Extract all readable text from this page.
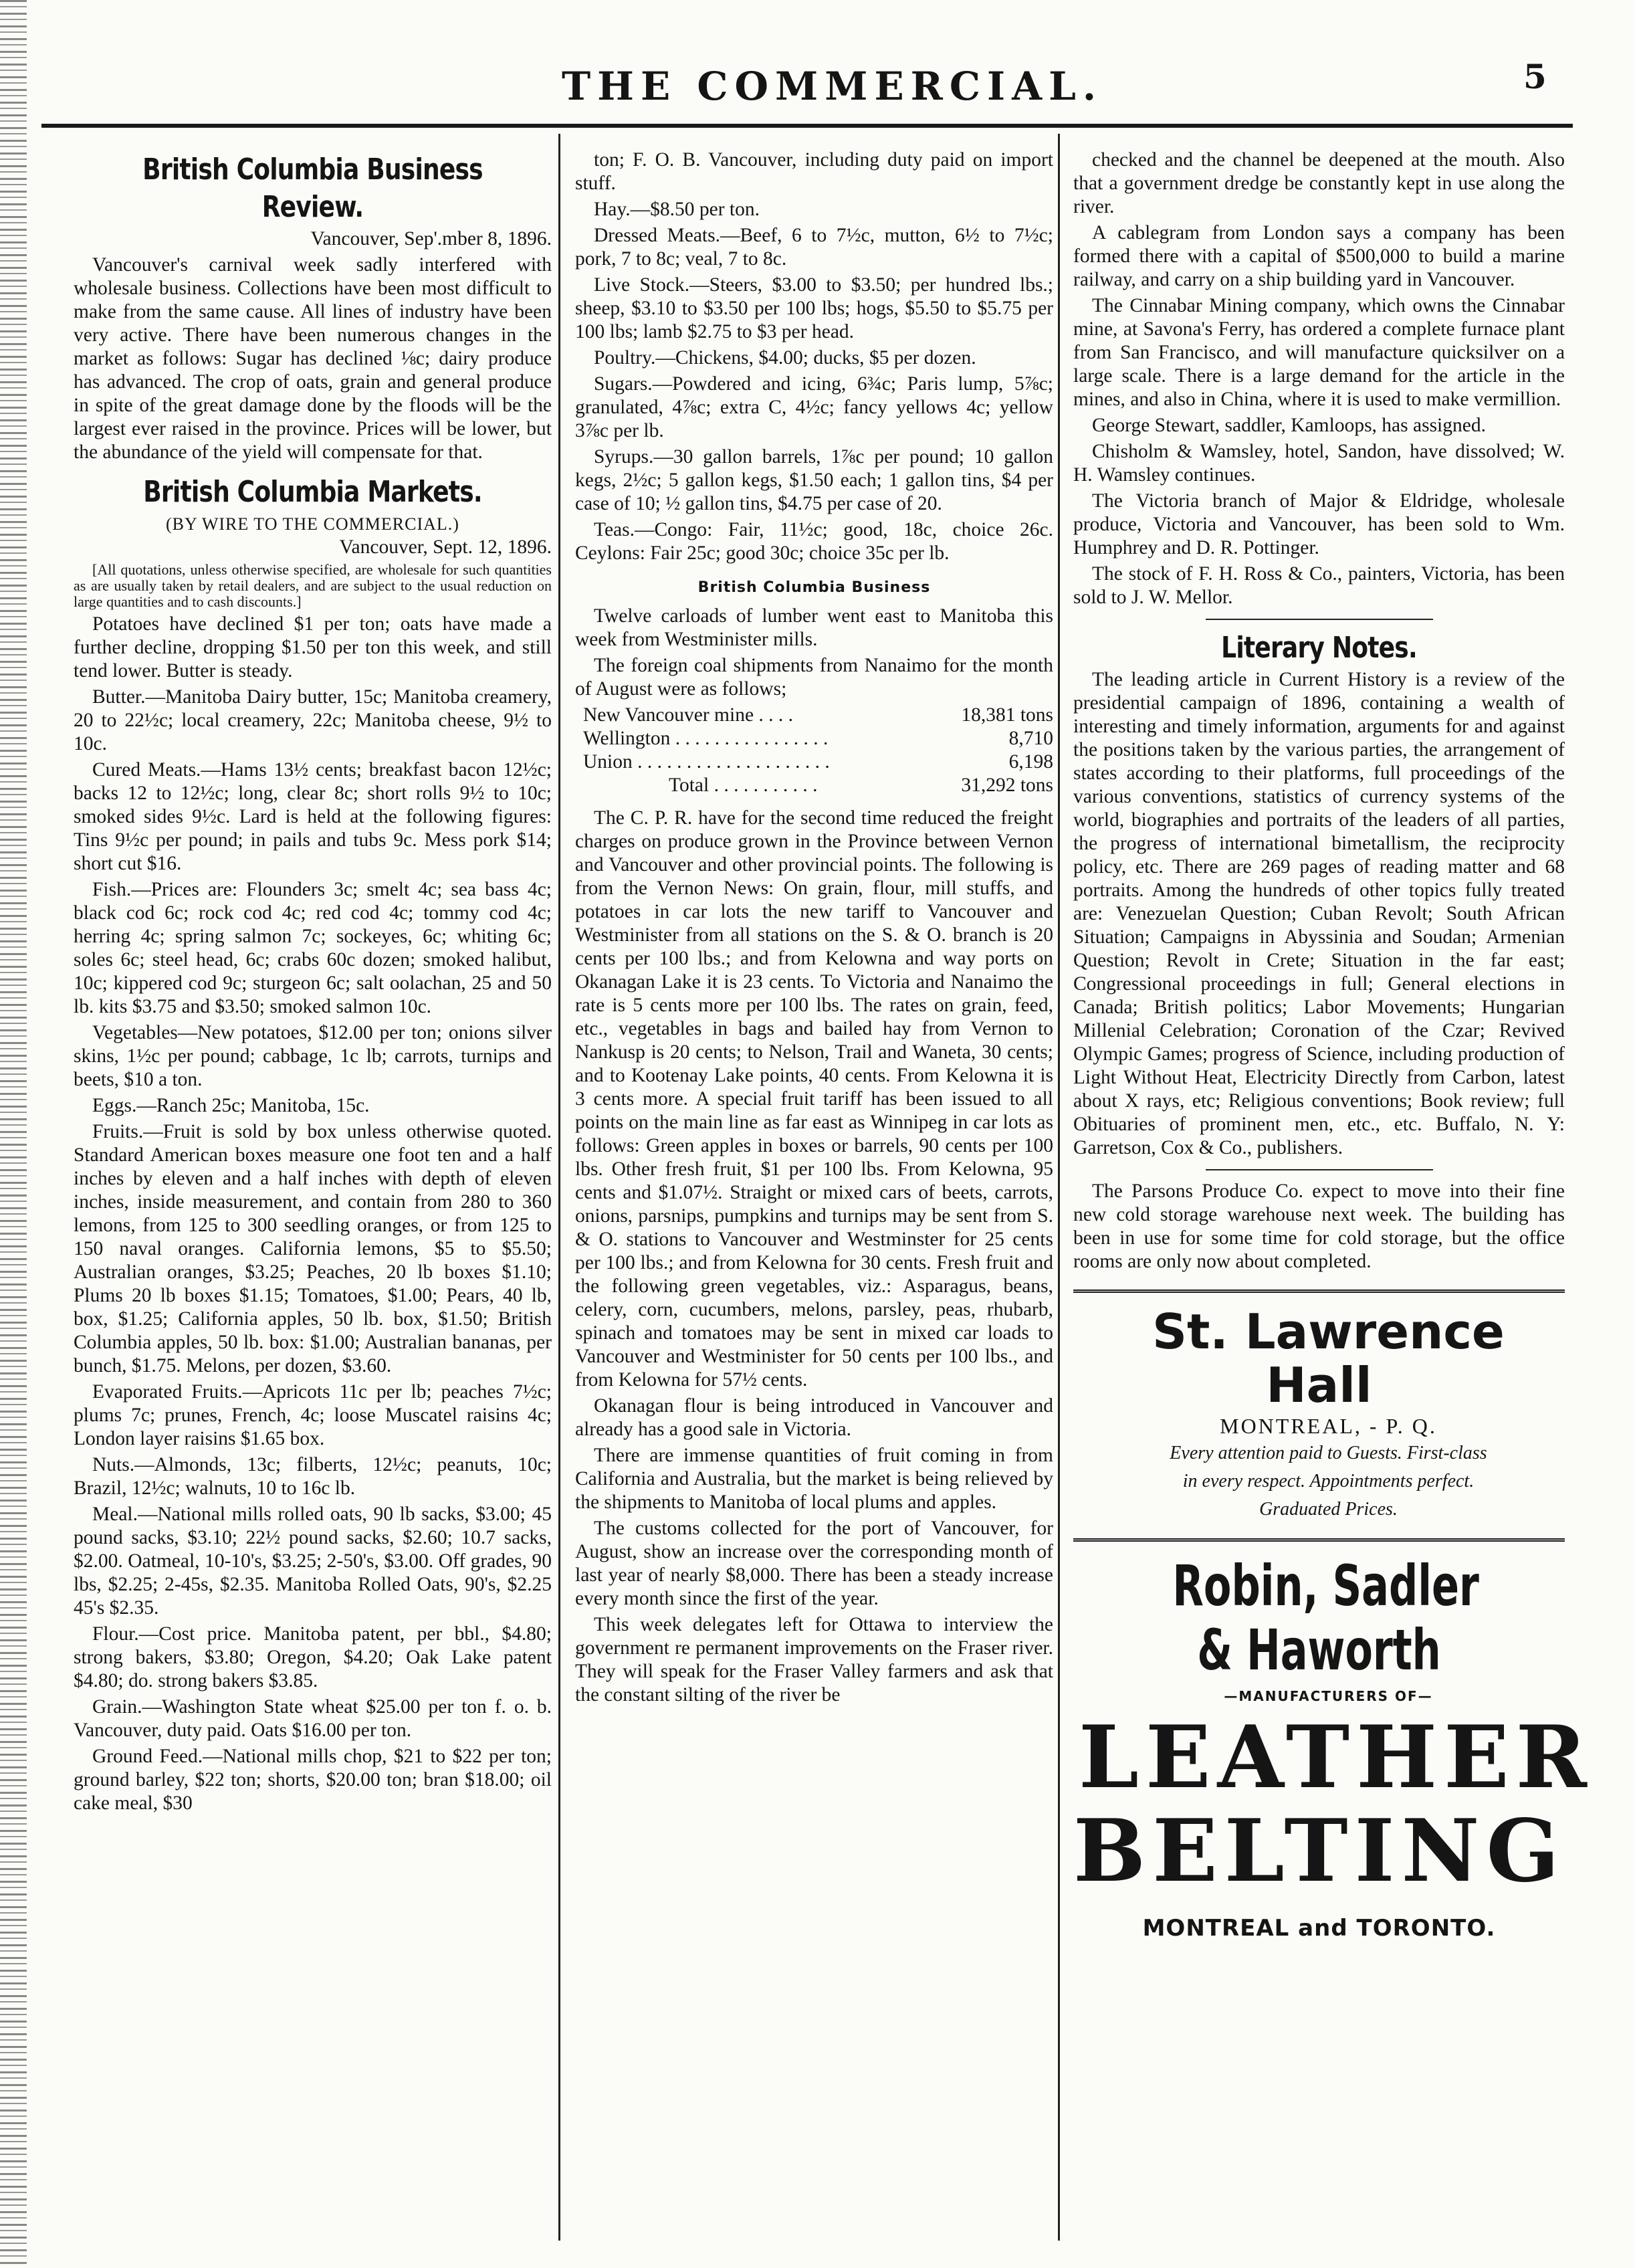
THE COMMERCIAL.	5
British Columbia Business Review.
Vancouver, Sep'.mber 8, 1896.

Vancouver's carnival week sadly interfered with wholesale business. Collections have been most difficult to make from the same cause. All lines of industry have been very active. There have been numerous changes in the market as follows: Sugar has declined ⅛c; dairy produce has advanced. The crop of oats, grain and general produce in spite of the great damage done by the floods will be the largest ever raised in the province. Prices will be lower, but the abundance of the yield will compensate for that.

British Columbia Markets.
(BY WIRE TO THE COMMERCIAL.)
Vancouver, Sept. 12, 1896.

[All quotations, unless otherwise specified, are wholesale for such quantities as are usually taken by retail dealers, and are subject to the usual reduction on large quantities and to cash discounts.]

Potatoes have declined $1 per ton; oats have made a further decline, dropping $1.50 per ton this week, and still tend lower. Butter is steady.

Butter.—Manitoba Dairy butter, 15c; Manitoba creamery, 20 to 22½c; local creamery, 22c; Manitoba cheese, 9½ to 10c.

Cured Meats.—Hams 13½ cents; breakfast bacon 12½c; backs 12 to 12½c; long, clear 8c; short rolls 9½ to 10c; smoked sides 9½c. Lard is held at the following figures: Tins 9½c per pound; in pails and tubs 9c. Mess pork $14; short cut $16.

Fish.—Prices are: Flounders 3c; smelt 4c; sea bass 4c; black cod 6c; rock cod 4c; red cod 4c; tommy cod 4c; herring 4c; spring salmon 7c; sockeyes, 6c; whiting 6c; soles 6c; steel head, 6c; crabs 60c dozen; smoked halibut, 10c; kippered cod 9c; sturgeon 6c; salt oolachan, 25 and 50 lb. kits $3.75 and $3.50; smoked salmon 10c.

Vegetables—New potatoes, $12.00 per ton; onions silver skins, 1½c per pound; cabbage, 1c lb; carrots, turnips and beets, $10 a ton.

Eggs.—Ranch 25c; Manitoba, 15c.

Fruits.—Fruit is sold by box unless otherwise quoted. Standard American boxes measure one foot ten and a half inches by eleven and a half inches with depth of eleven inches, inside measurement, and contain from 280 to 360 lemons, from 125 to 300 seedling oranges, or from 125 to 150 naval oranges. California lemons, $5 to $5.50; Australian oranges, $3.25; Peaches, 20 lb boxes $1.10; Plums 20 lb boxes $1.15; Tomatoes, $1.00; Pears, 40 lb, box, $1.25; California apples, 50 lb. box, $1.50; British Columbia apples, 50 lb. box: $1.00; Australian bananas, per bunch, $1.75. Melons, per dozen, $3.60.

Evaporated Fruits.—Apricots 11c per lb; peaches 7½c; plums 7c; prunes, French, 4c; loose Muscatel raisins 4c; London layer raisins $1.65 box.

Nuts.—Almonds, 13c; filberts, 12½c; peanuts, 10c; Brazil, 12½c; walnuts, 10 to 16c lb.

Meal.—National mills rolled oats, 90 lb sacks, $3.00; 45 pound sacks, $3.10; 22½ pound sacks, $2.60; 10.7 sacks, $2.00. Oatmeal, 10-10's, $3.25; 2-50's, $3.00. Off grades, 90 lbs, $2.25; 2-45s, $2.35. Manitoba Rolled Oats, 90's, $2.25 45's $2.35.

Flour.—Cost price. Manitoba patent, per bbl., $4.80; strong bakers, $3.80; Oregon, $4.20; Oak Lake patent $4.80; do. strong bakers $3.85.

Grain.—Washington State wheat $25.00 per ton f. o. b. Vancouver, duty paid. Oats $16.00 per ton.

Ground Feed.—National mills chop, $21 to $22 per ton; ground barley, $22 ton; shorts, $20.00 ton; bran $18.00; oil cake meal, $30

ton; F. O. B. Vancouver, including duty paid on import stuff.

Hay.—$8.50 per ton.

Dressed Meats.—Beef, 6 to 7½c, mutton, 6½ to 7½c; pork, 7 to 8c; veal, 7 to 8c.

Live Stock.—Steers, $3.00 to $3.50; per hundred lbs.; sheep, $3.10 to $3.50 per 100 lbs; hogs, $5.50 to $5.75 per 100 lbs; lamb $2.75 to $3 per head.

Poultry.—Chickens, $4.00; ducks, $5 per dozen.

Sugars.—Powdered and icing, 6¾c; Paris lump, 5⅞c; granulated, 4⅞c; extra C, 4½c; fancy yellows 4c; yellow 3⅞c per lb.

Syrups.—30 gallon barrels, 1⅞c per pound; 10 gallon kegs, 2½c; 5 gallon kegs, $1.50 each; 1 gallon tins, $4 per case of 10; ½ gallon tins, $4.75 per case of 20.

Teas.—Congo: Fair, 11½c; good, 18c, choice 26c. Ceylons: Fair 25c; good 30c; choice 35c per lb.

British Columbia Business

Twelve carloads of lumber went east to Manitoba this week from Westminister mills.

The foreign coal shipments from Nanaimo for the month of August were as follows;

New Vancouver mine . . . .	18,381 tons
Wellington . . . . . . . . . . . . . . . .	8,710
Union . . . . . . . . . . . . . . . . . . . .	6,198
Total . . . . . . . . . . .	31,292 tons

The C. P. R. have for the second time reduced the freight charges on produce grown in the Province between Vernon and Vancouver and other provincial points. The following is from the Vernon News: On grain, flour, mill stuffs, and potatoes in car lots the new tariff to Vancouver and Westminister from all stations on the S. & O. branch is 20 cents per 100 lbs.; and from Kelowna and way ports on Okanagan Lake it is 23 cents. To Victoria and Nanaimo the rate is 5 cents more per 100 lbs. The rates on grain, feed, etc., vegetables in bags and bailed hay from Vernon to Nankusp is 20 cents; to Nelson, Trail and Waneta, 30 cents; and to Kootenay Lake points, 40 cents. From Kelowna it is 3 cents more. A special fruit tariff has been issued to all points on the main line as far east as Winnipeg in car lots as follows: Green apples in boxes or barrels, 90 cents per 100 lbs. Other fresh fruit, $1 per 100 lbs. From Kelowna, 95 cents and $1.07½. Straight or mixed cars of beets, carrots, onions, parsnips, pumpkins and turnips may be sent from S. & O. stations to Vancouver and Westminster for 25 cents per 100 lbs.; and from Kelowna for 30 cents. Fresh fruit and the following green vegetables, viz.: Asparagus, beans, celery, corn, cucumbers, melons, parsley, peas, rhubarb, spinach and tomatoes may be sent in mixed car loads to Vancouver and Westminister for 50 cents per 100 lbs., and from Kelowna for 57½ cents.

Okanagan flour is being introduced in Vancouver and already has a good sale in Victoria.

There are immense quantities of fruit coming in from California and Australia, but the market is being relieved by the shipments to Manitoba of local plums and apples.

The customs collected for the port of Vancouver, for August, show an increase over the corresponding month of last year of nearly $8,000. There has been a steady increase every month since the first of the year.

This week delegates left for Ottawa to interview the government re permanent improvements on the Fraser river. They will speak for the Fraser Valley farmers and ask that the constant silting of the river be

checked and the channel be deepened at the mouth. Also that a government dredge be constantly kept in use along the river.

A cablegram from London says a company has been formed there with a capital of $500,000 to build a marine railway, and carry on a ship building yard in Vancouver.

The Cinnabar Mining company, which owns the Cinnabar mine, at Savona's Ferry, has ordered a complete furnace plant from San Francisco, and will manufacture quicksilver on a large scale. There is a large demand for the article in the mines, and also in China, where it is used to make vermillion.

George Stewart, saddler, Kamloops, has assigned.

Chisholm & Wamsley, hotel, Sandon, have dissolved; W. H. Wamsley continues.

The Victoria branch of Major & Eldridge, wholesale produce, Victoria and Vancouver, has been sold to Wm. Humphrey and D. R. Pottinger.

The stock of F. H. Ross & Co., painters, Victoria, has been sold to J. W. Mellor.

Literary Notes.

The leading article in Current History is a review of the presidential campaign of 1896, containing a wealth of interesting and timely information, arguments for and against the positions taken by the various parties, the arrangement of states according to their platforms, full proceedings of the various conventions, statistics of currency systems of the world, biographies and portraits of the leaders of all parties, the progress of international bimetallism, the reciprocity policy, etc. There are 269 pages of reading matter and 68 portraits. Among the hundreds of other topics fully treated are: Venezuelan Question; Cuban Revolt; South African Situation; Campaigns in Abyssinia and Soudan; Armenian Question; Revolt in Crete; Situation in the far east; Congressional proceedings in full; General elections in Canada; British politics; Labor Movements; Hungarian Millenial Celebration; Coronation of the Czar; Revived Olympic Games; progress of Science, including production of Light Without Heat, Electricity Directly from Carbon, latest about X rays, etc; Religious conventions; Book review; full Obituaries of prominent men, etc., etc. Buffalo, N. Y: Garretson, Cox & Co., publishers.

The Parsons Produce Co. expect to move into their fine new cold storage warehouse next week. The building has been in use for some time for cold storage, but the office rooms are only now about completed.

St. Lawrence Hall

MONTREAL, - P. Q.

Every attention paid to Guests. First-class

in every respect. Appointments perfect.

Graduated Prices.

Robin, Sadler & Haworth

—MANUFACTURERS OF—

LEATHER
BELTING
MONTREAL and TORONTO.
